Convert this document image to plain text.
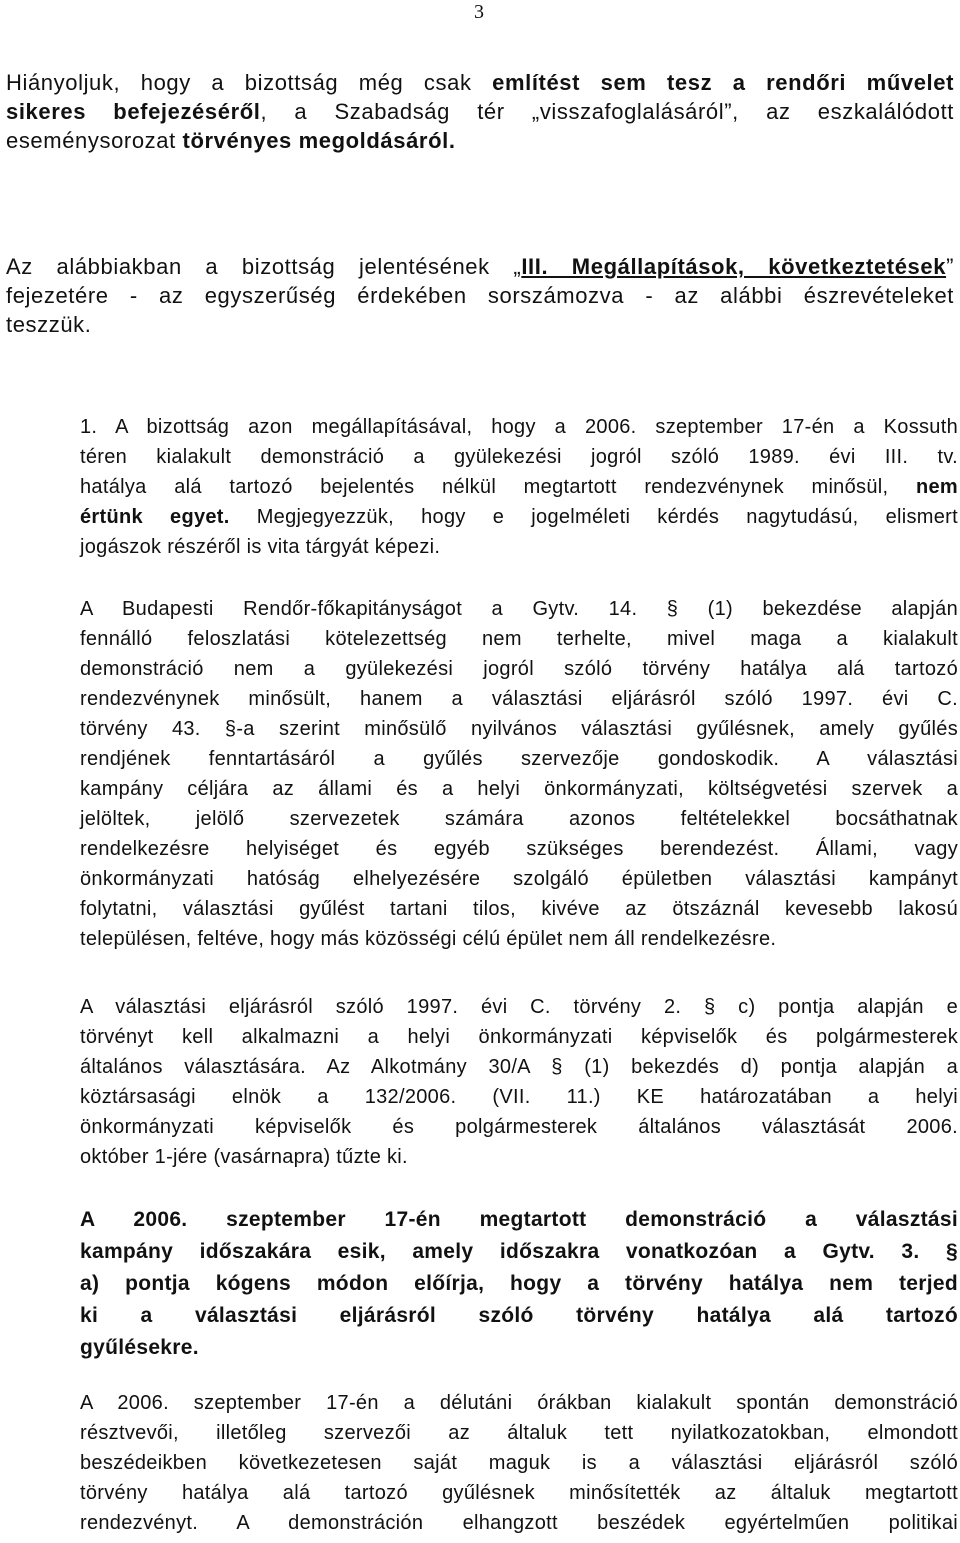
3
Hiányoljuk, hogy a bizottság még csak említést sem tesz a rendőri művelet
sikeres befejezéséről, a Szabadság tér „visszafoglalásáról”, az eszkalálódott
eseménysorozat törvényes megoldásáról.
Az alábbiakban a bizottság jelentésének „III. Megállapítások, következtetések”
fejezetére - az egyszerűség érdekében sorszámozva - az alábbi észrevételeket
teszzük.
1. A bizottság azon megállapításával, hogy a 2006. szeptember 17-én a Kossuth
téren kialakult demonstráció a gyülekezési jogról szóló 1989. évi III. tv.
hatálya alá tartozó bejelentés nélkül megtartott rendezvénynek minősül, nem
értünk egyet. Megjegyezzük, hogy e jogelméleti kérdés nagytudású, elismert
jogászok részéről is vita tárgyát képezi.
A Budapesti Rendőr-főkapitányságot a Gytv. 14. § (1) bekezdése alapján
fennálló feloszlatási kötelezettség nem terhelte, mivel maga a kialakult
demonstráció nem a gyülekezési jogról szóló törvény hatálya alá tartozó
rendezvénynek minősült, hanem a választási eljárásról szóló 1997. évi C.
törvény 43. §-a szerint minősülő nyilvános választási gyűlésnek, amely gyűlés
rendjének fenntartásáról a gyűlés szervezője gondoskodik. A választási
kampány céljára az állami és a helyi önkormányzati, költségvetési szervek a
jelöltek, jelölő szervezetek számára azonos feltételekkel bocsáthatnak
rendelkezésre helyiséget és egyéb szükséges berendezést. Állami, vagy
önkormányzati hatóság elhelyezésére szolgáló épületben választási kampányt
folytatni, választási gyűlést tartani tilos, kivéve az ötszáznál kevesebb lakosú
településen, feltéve, hogy más közösségi célú épület nem áll rendelkezésre.
A választási eljárásról szóló 1997. évi C. törvény 2. § c) pontja alapján e
törvényt kell alkalmazni a helyi önkormányzati képviselők és polgármesterek
általános választására. Az Alkotmány 30/A § (1) bekezdés d) pontja alapján a
köztársasági elnök a 132/2006. (VII. 11.) KE határozatában a helyi
önkormányzati képviselők és polgármesterek általános választását 2006.
október 1-jére (vasárnapra) tűzte ki.
A 2006. szeptember 17-én megtartott demonstráció a választási
kampány időszakára esik, amely időszakra vonatkozóan a Gytv. 3. §
a) pontja kógens módon előírja, hogy a törvény hatálya nem terjed
ki a választási eljárásról szóló törvény hatálya alá tartozó
gyűlésekre.
A 2006. szeptember 17-én a délutáni órákban kialakult spontán demonstráció
résztvevői, illetőleg szervezői az általuk tett nyilatkozatokban, elmondott
beszédeikben következetesen saját maguk is a választási eljárásról szóló
törvény hatálya alá tartozó gyűlésnek minősítették az általuk megtartott
rendezvényt. A demonstráción elhangzott beszédek egyértelműen politikai
